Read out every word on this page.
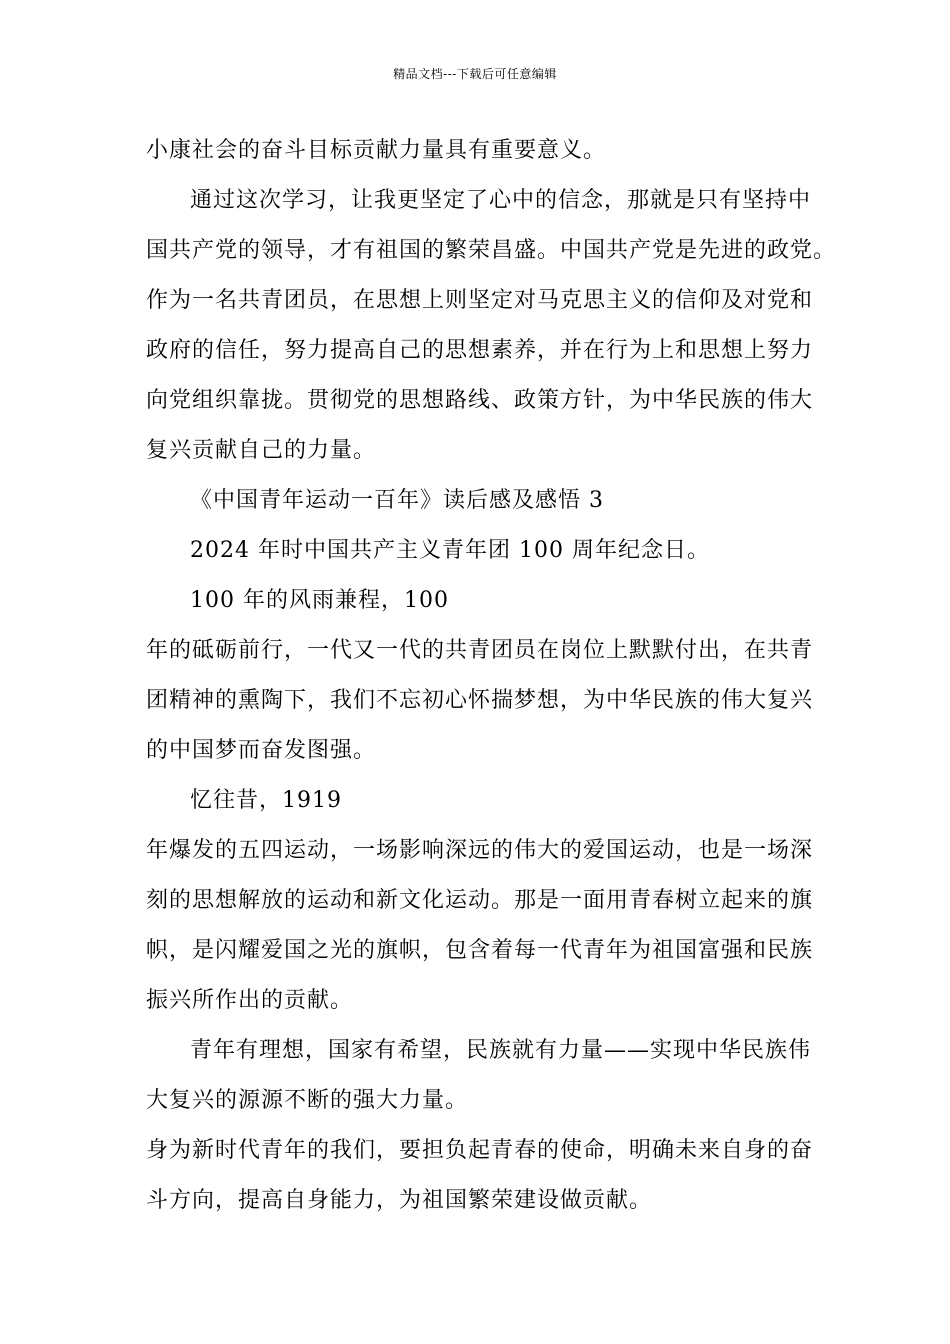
精品文档---下载后可任意编辑
小康社会的奋斗目标贡献力量具有重要意义。
通过这次学习，让我更坚定了心中的信念，那就是只有坚持中
国共产党的领导，才有祖国的繁荣昌盛。中国共产党是先进的政党。
作为一名共青团员，在思想上则坚定对马克思主义的信仰及对党和
政府的信任，努力提高自己的思想素养，并在行为上和思想上努力
向党组织靠拢。贯彻党的思想路线、政策方针，为中华民族的伟大
复兴贡献自己的力量。
《中国青年运动一百年》读后感及感悟 3
2024 年时中国共产主义青年团 100 周年纪念日。
100 年的风雨兼程，100
年的砥砺前行，一代又一代的共青团员在岗位上默默付出，在共青
团精神的熏陶下，我们不忘初心怀揣梦想，为中华民族的伟大复兴
的中国梦而奋发图强。
忆往昔，1919
年爆发的五四运动，一场影响深远的伟大的爱国运动，也是一场深
刻的思想解放的运动和新文化运动。那是一面用青春树立起来的旗
帜，是闪耀爱国之光的旗帜，包含着每一代青年为祖国富强和民族
振兴所作出的贡献。
青年有理想，国家有希望，民族就有力量——实现中华民族伟
大复兴的源源不断的强大力量。
身为新时代青年的我们，要担负起青春的使命，明确未来自身的奋
斗方向，提高自身能力，为祖国繁荣建设做贡献。
